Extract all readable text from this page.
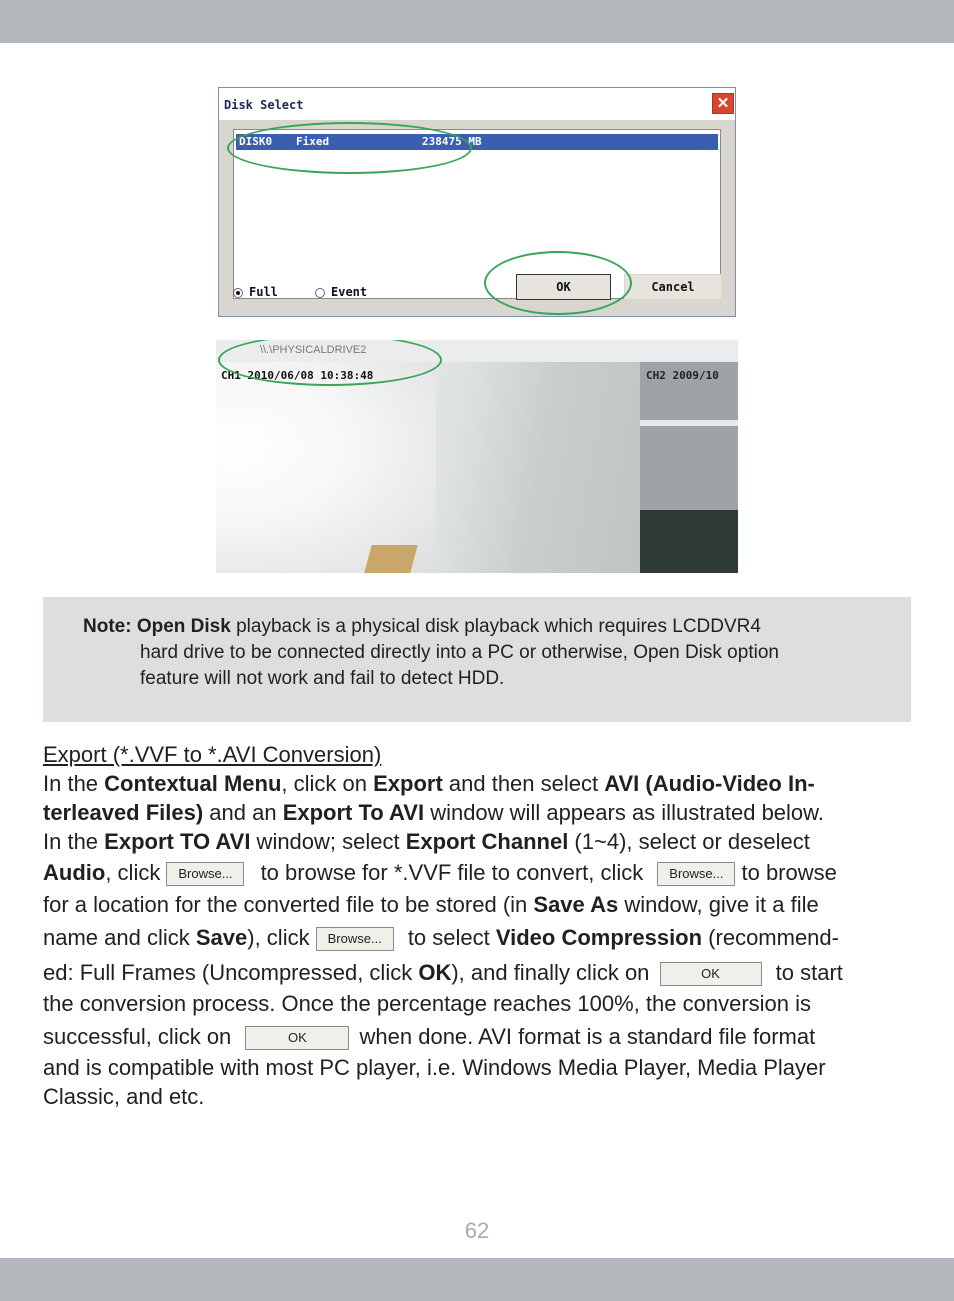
Disk Select	✕
DISK0 Fixed	238475 MB
Full	Event	OK	Cancel
\\.\PHYSICALDRIVE2
CH1 2010/06/08 10:38:48	CH2 2009/10

Note: Open Disk playback is a physical disk playback which requires LCDDVR4

hard drive to be connected directly into a PC or otherwise, Open Disk option

feature will not work and fail to detect HDD.

Export (*.VVF to *.AVI Conversion)
In the Contextual Menu, click on Export and then select AVI (Audio-Video In-
terleaved Files) and an Export To AVI window will appears as illustrated below.
In the Export TO AVI window; select Export Channel (1~4), select or deselect
Audio, click Browse... to browse for *.VVF file to convert, click Browse... to browse
for a location for the converted file to be stored (in Save As window, give it a file
name and click Save), click Browse... to select Video Compression (recommend-
ed: Full Frames (Uncompressed, click OK), and finally click on	OK to start
the conversion process. Once the percentage reaches 100%, the conversion is
successful, click on	OK when done. AVI format is a standard file format
and is compatible with most PC player, i.e. Windows Media Player, Media Player
Classic, and etc.
62
